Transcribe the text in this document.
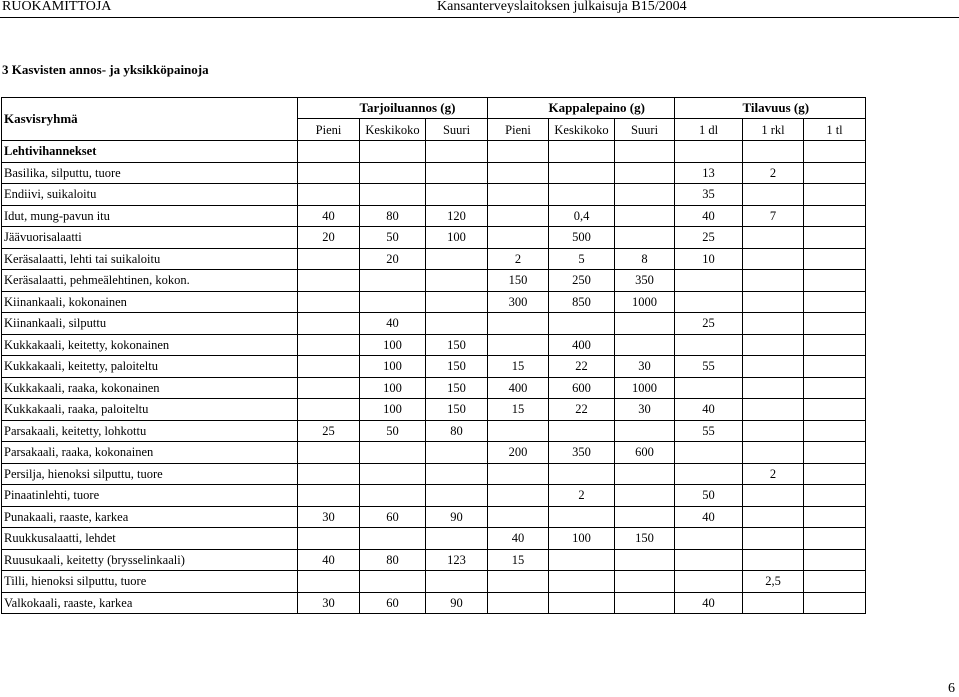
RUOKAMITTOJA	Kansanterveyslaitoksen julkaisuja B15/2004
3 Kasvisten annos- ja yksikköpainoja
Kasvisryhmä		Tarjoiluannos (g)			Kappalepaino (g)			Tilavuus (g)	
	Pieni	Keskikoko	Suuri	Pieni	Keskikoko	Suuri	1 dl	1 rkl	1 tl
Lehtivihannekset									
Basilika, silputtu, tuore							13	2	
Endiivi, suikaloitu							35		
Idut, mung-pavun itu	40	80	120		0,4		40	7	
Jäävuorisalaatti	20	50	100		500		25		
Keräsalaatti, lehti tai suikaloitu		20		2	5	8	10		
Keräsalaatti, pehmeälehtinen, kokon.				150	250	350			
Kiinankaali, kokonainen				300	850	1000			
Kiinankaali, silputtu		40					25		
Kukkakaali, keitetty, kokonainen		100	150		400				
Kukkakaali, keitetty, paloiteltu		100	150	15	22	30	55		
Kukkakaali, raaka, kokonainen		100	150	400	600	1000			
Kukkakaali, raaka, paloiteltu		100	150	15	22	30	40		
Parsakaali, keitetty, lohkottu	25	50	80				55		
Parsakaali, raaka, kokonainen				200	350	600			
Persilja, hienoksi silputtu, tuore								2	
Pinaatinlehti, tuore					2		50		
Punakaali, raaste, karkea	30	60	90				40		
Ruukkusalaatti, lehdet				40	100	150			
Ruusukaali, keitetty (brysselinkaali)	40	80	123	15					
Tilli, hienoksi silputtu, tuore								2,5	
Valkokaali, raaste, karkea	30	60	90				40		
6
